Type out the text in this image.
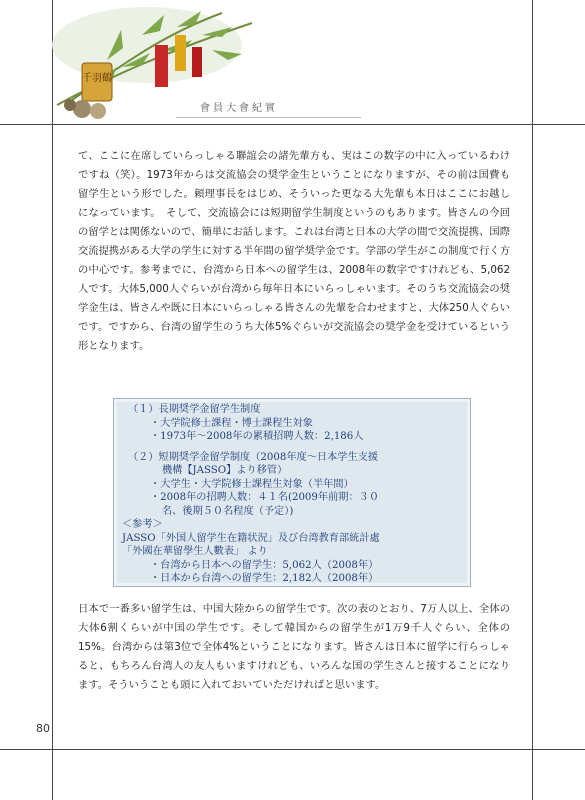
千羽鶴
會員大會紀實

て、ここに在席していらっしゃる聯誼会の諸先輩方も、実はこの数字の中に入っているわけですね（笑）。1973年からは交流協会の奨学金生ということになりますが、その前は国費も留学生という形でした。頼理事長をはじめ、そういった更なる大先輩も本日はここにお越しになっています。　そして、交流協会には短期留学生制度というのもあります。皆さんの今回の留学とは関係ないので、簡単にお話します。これは台湾と日本の大学の間で交流提携、国際交流提携がある大学の学生に対する半年間の留学奨学金です。学部の学生がこの制度で行く方の中心です。参考までに、台湾から日本への留学生は、2008年の数字ですけれども、5,062人です。大体5,000人ぐらいが台湾から毎年日本にいらっしゃいます。そのうち交流協会の奨学金生は、皆さんや既に日本にいらっしゃる皆さんの先輩を合わせますと、大体250人ぐらいです。ですから、台湾の留学生のうち大体5%ぐらいが交流協会の奨学金を受けているという形となります。

（１）長期奨学金留学生制度
・大学院修士課程・博士課程生対象
・1973年～2008年の累積招聘人数：2,186人
（２）短期奨学金留学制度（2008年度～日本学生支援
機構【JASSO】より移管）
・大学生・大学院修士課程生対象（半年間）
・2008年の招聘人数：４１名(2009年前期：３０
名、後期５０名程度（予定）)
＜参考＞
JASSO「外国人留学生在籍状況」及び台湾教育部統計處
「外國在華留學生人數表」 より
・台湾から日本への留学生：5,062人（2008年）
・日本から台湾への留学生：2,182人（2008年）

日本で一番多い留学生は、中国大陸からの留学生です。次の表のとおり、7万人以上、全体の大体6割くらいが中国の学生です。そして韓国からの留学生が1万9千人ぐらい、全体の15%。台湾からは第3位で全体4%ということになります。皆さんは日本に留学に行らっしゃると、もちろん台湾人の友人もいますけれども、いろんな国の学生さんと接することになります。そういうことも頭に入れておいていただければと思います。

80
